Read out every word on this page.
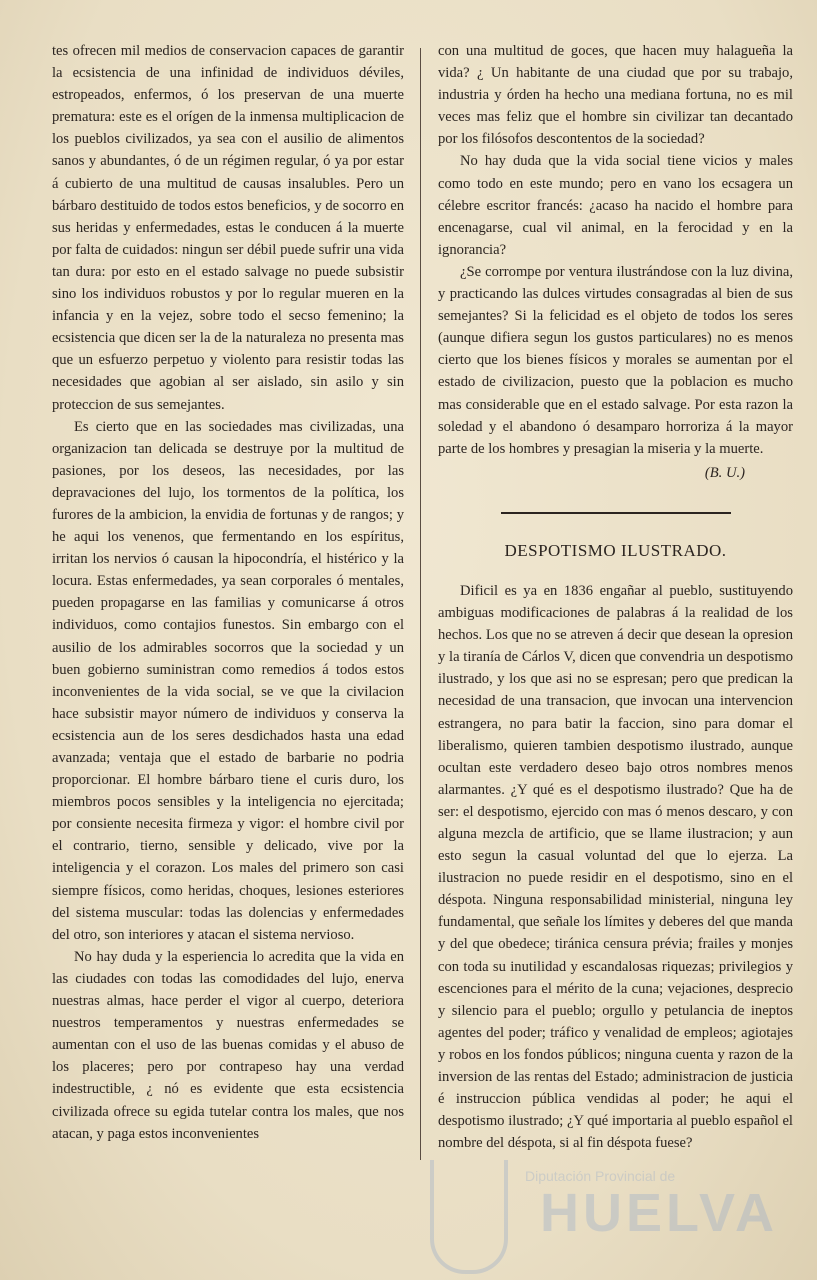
tes ofrecen mil medios de conservacion capaces de garantir la ecsistencia de una infinidad de individuos déviles, estropeados, enfermos, ó los preservan de una muerte prematura: este es el orígen de la inmensa multiplicacion de los pueblos civilizados, ya sea con el ausilio de alimentos sanos y abundantes, ó de un régimen regular, ó ya por estar á cubierto de una multitud de causas insalubles. Pero un bárbaro destituido de todos estos beneficios, y de socorro en sus heridas y enfermedades, estas le conducen á la muerte por falta de cuidados: ningun ser débil puede sufrir una vida tan dura: por esto en el estado salvage no puede subsistir sino los individuos robustos y por lo regular mueren en la infancia y en la vejez, sobre todo el secso femenino; la ecsistencia que dicen ser la de la naturaleza no presenta mas que un esfuerzo perpetuo y violento para resistir todas las necesidades que agobian al ser aislado, sin asilo y sin proteccion de sus semejantes.

Es cierto que en las sociedades mas civilizadas, una organizacion tan delicada se destruye por la multitud de pasiones, por los deseos, las necesidades, por las depravaciones del lujo, los tormentos de la política, los furores de la ambicion, la envidia de fortunas y de rangos; y he aqui los venenos, que fermentando en los espíritus, irritan los nervios ó causan la hipocondría, el histérico y la locura. Estas enfermedades, ya sean corporales ó mentales, pueden propagarse en las familias y comunicarse á otros individuos, como contajios funestos. Sin embargo con el ausilio de los admirables socorros que la sociedad y un buen gobierno suministran como remedios á todos estos inconvenientes de la vida social, se ve que la civilacion hace subsistir mayor número de individuos y conserva la ecsistencia aun de los seres desdichados hasta una edad avanzada; ventaja que el estado de barbarie no podria proporcionar. El hombre bárbaro tiene el curis duro, los miembros pocos sensibles y la inteligencia no ejercitada; por consiente necesita firmeza y vigor: el hombre civil por el contrario, tierno, sensible y delicado, vive por la inteligencia y el corazon. Los males del primero son casi siempre físicos, como heridas, choques, lesiones esteriores del sistema muscular: todas las dolencias y enfermedades del otro, son interiores y atacan el sistema nervioso.

No hay duda y la esperiencia lo acredita que la vida en las ciudades con todas las comodidades del lujo, enerva nuestras almas, hace perder el vigor al cuerpo, deteriora nuestros temperamentos y nuestras enfermedades se aumentan con el uso de las buenas comidas y el abuso de los placeres; pero por contrapeso hay una verdad indestructible, ¿ nó es evidente que esta ecsistencia civilizada ofrece su egida tutelar contra los males, que nos atacan, y paga estos inconvenientes

con una multitud de goces, que hacen muy halagueña la vida? ¿ Un habitante de una ciudad que por su trabajo, industria y órden ha hecho una mediana fortuna, no es mil veces mas feliz que el hombre sin civilizar tan decantado por los filósofos descontentos de la sociedad?

No hay duda que la vida social tiene vicios y males como todo en este mundo; pero en vano los ecsagera un célebre escritor francés: ¿acaso ha nacido el hombre para encenagarse, cual vil animal, en la ferocidad y en la ignorancia?

¿Se corrompe por ventura ilustrándose con la luz divina, y practicando las dulces virtudes consagradas al bien de sus semejantes? Si la felicidad es el objeto de todos los seres (aunque difiera segun los gustos particulares) no es menos cierto que los bienes físicos y morales se aumentan por el estado de civilizacion, puesto que la poblacion es mucho mas considerable que en el estado salvage. Por esta razon la soledad y el abandono ó desamparo horroriza á la mayor parte de los hombres y presagian la miseria y la muerte.

(B. U.)
DESPOTISMO ILUSTRADO.

Dificil es ya en 1836 engañar al pueblo, sustituyendo ambiguas modificaciones de palabras á la realidad de los hechos. Los que no se atreven á decir que desean la opresion y la tiranía de Cárlos V, dicen que convendria un despotismo ilustrado, y los que asi no se espresan; pero que predican la necesidad de una transacion, que invocan una intervencion estrangera, no para batir la faccion, sino para domar el liberalismo, quieren tambien despotismo ilustrado, aunque ocultan este verdadero deseo bajo otros nombres menos alarmantes. ¿Y qué es el despotismo ilustrado? Que ha de ser: el despotismo, ejercido con mas ó menos descaro, y con alguna mezcla de artificio, que se llame ilustracion; y aun esto segun la casual voluntad del que lo ejerza. La ilustracion no puede residir en el despotismo, sino en el déspota. Ninguna responsabilidad ministerial, ninguna ley fundamental, que señale los límites y deberes del que manda y del que obedece; tiránica censura prévia; frailes y monjes con toda su inutilidad y escandalosas riquezas; privilegios y escenciones para el mérito de la cuna; vejaciones, desprecio y silencio para el pueblo; orgullo y petulancia de ineptos agentes del poder; tráfico y venalidad de empleos; agiotajes y robos en los fondos públicos; ninguna cuenta y razon de la inversion de las rentas del Estado; administracion de justicia é instruccion pública vendidas al poder; he aqui el despotismo ilustrado; ¿Y qué importaria al pueblo español el nombre del déspota, si al fin déspota fuese?

Diputación Provincial de
HUELVA
